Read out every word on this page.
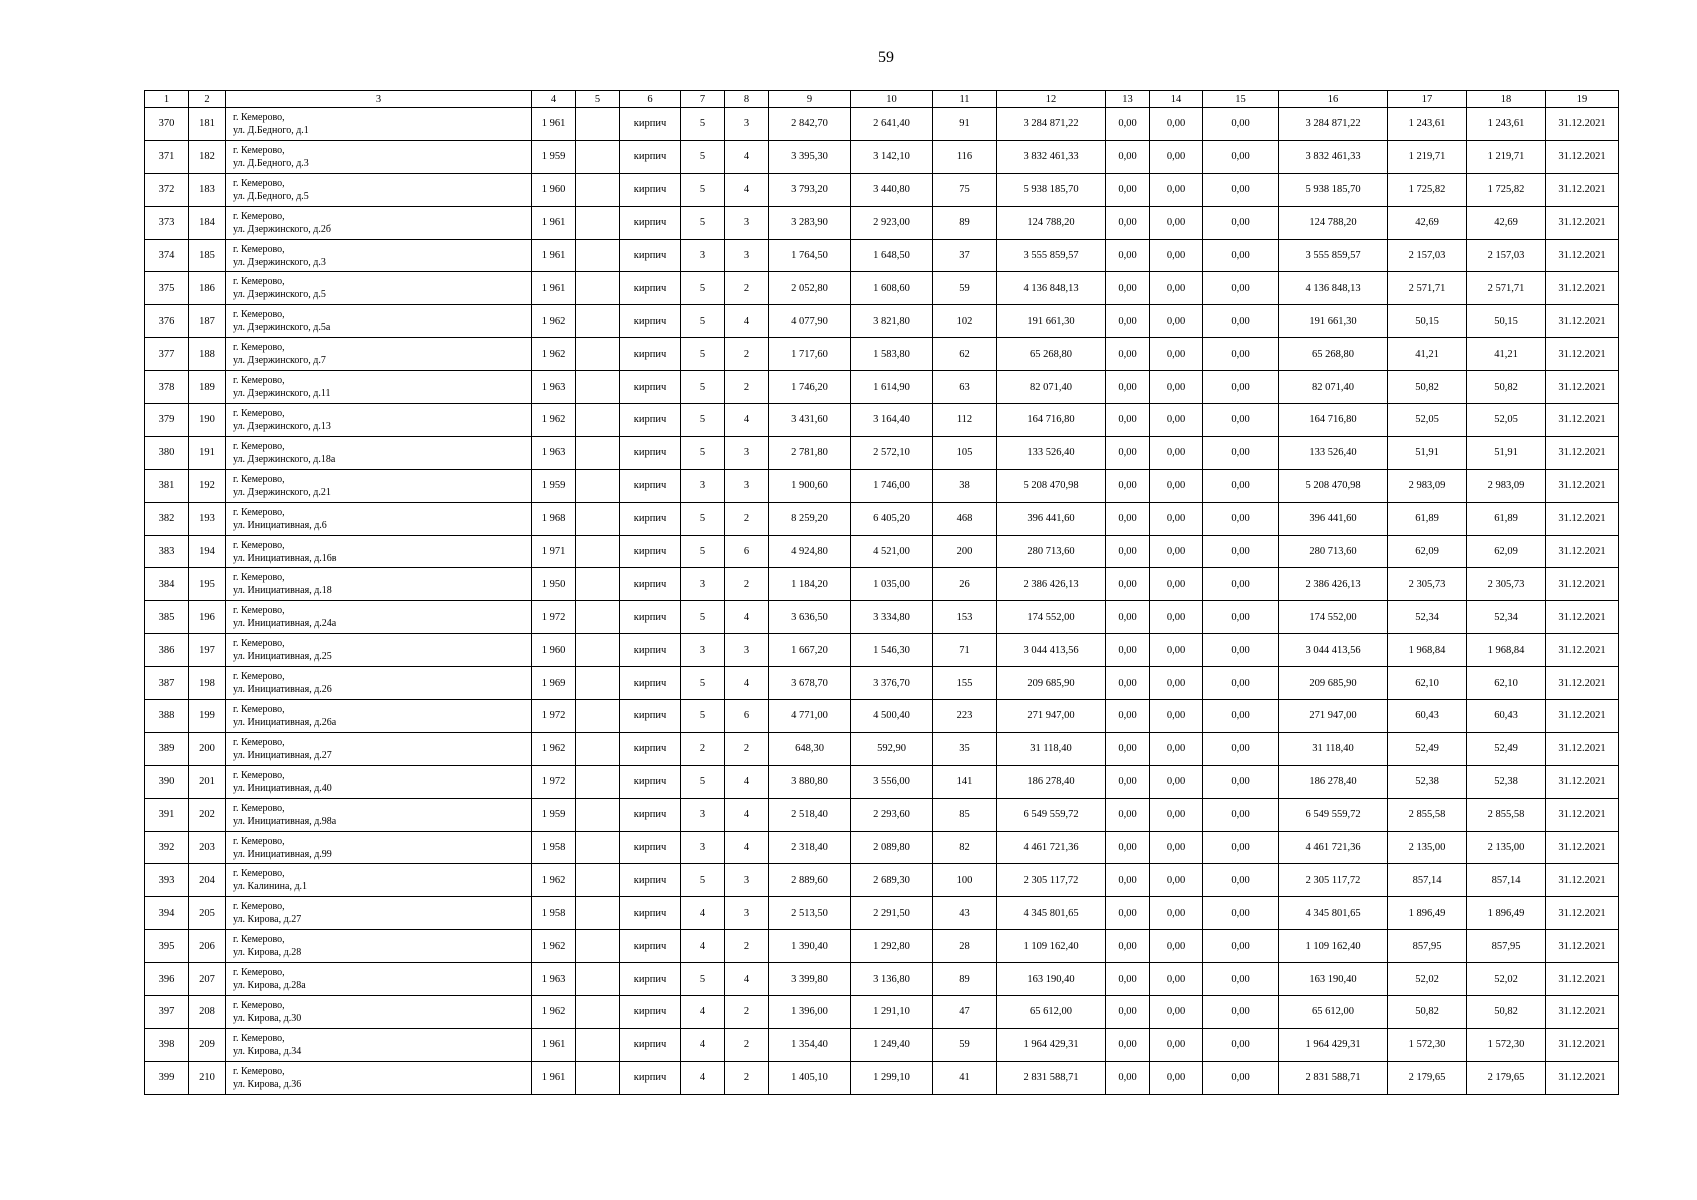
59
1	2	3	4	5	6	7	8	9	10	11	12	13	14	15	16	17	18	19
370	181	г. Кемерово,
ул. Д.Бедного, д.1	1 961		кирпич	5	3	2 842,70	2 641,40	91	3 284 871,22	0,00	0,00	0,00	3 284 871,22	1 243,61	1 243,61	31.12.2021
371	182	г. Кемерово,
ул. Д.Бедного, д.3	1 959		кирпич	5	4	3 395,30	3 142,10	116	3 832 461,33	0,00	0,00	0,00	3 832 461,33	1 219,71	1 219,71	31.12.2021
372	183	г. Кемерово,
ул. Д.Бедного, д.5	1 960		кирпич	5	4	3 793,20	3 440,80	75	5 938 185,70	0,00	0,00	0,00	5 938 185,70	1 725,82	1 725,82	31.12.2021
373	184	г. Кемерово,
ул. Дзержинского, д.2б	1 961		кирпич	5	3	3 283,90	2 923,00	89	124 788,20	0,00	0,00	0,00	124 788,20	42,69	42,69	31.12.2021
374	185	г. Кемерово,
ул. Дзержинского, д.3	1 961		кирпич	3	3	1 764,50	1 648,50	37	3 555 859,57	0,00	0,00	0,00	3 555 859,57	2 157,03	2 157,03	31.12.2021
375	186	г. Кемерово,
ул. Дзержинского, д.5	1 961		кирпич	5	2	2 052,80	1 608,60	59	4 136 848,13	0,00	0,00	0,00	4 136 848,13	2 571,71	2 571,71	31.12.2021
376	187	г. Кемерово,
ул. Дзержинского, д.5а	1 962		кирпич	5	4	4 077,90	3 821,80	102	191 661,30	0,00	0,00	0,00	191 661,30	50,15	50,15	31.12.2021
377	188	г. Кемерово,
ул. Дзержинского, д.7	1 962		кирпич	5	2	1 717,60	1 583,80	62	65 268,80	0,00	0,00	0,00	65 268,80	41,21	41,21	31.12.2021
378	189	г. Кемерово,
ул. Дзержинского, д.11	1 963		кирпич	5	2	1 746,20	1 614,90	63	82 071,40	0,00	0,00	0,00	82 071,40	50,82	50,82	31.12.2021
379	190	г. Кемерово,
ул. Дзержинского, д.13	1 962		кирпич	5	4	3 431,60	3 164,40	112	164 716,80	0,00	0,00	0,00	164 716,80	52,05	52,05	31.12.2021
380	191	г. Кемерово,
ул. Дзержинского, д.18а	1 963		кирпич	5	3	2 781,80	2 572,10	105	133 526,40	0,00	0,00	0,00	133 526,40	51,91	51,91	31.12.2021
381	192	г. Кемерово,
ул. Дзержинского, д.21	1 959		кирпич	3	3	1 900,60	1 746,00	38	5 208 470,98	0,00	0,00	0,00	5 208 470,98	2 983,09	2 983,09	31.12.2021
382	193	г. Кемерово,
ул. Инициативная, д.6	1 968		кирпич	5	2	8 259,20	6 405,20	468	396 441,60	0,00	0,00	0,00	396 441,60	61,89	61,89	31.12.2021
383	194	г. Кемерово,
ул. Инициативная, д.16в	1 971		кирпич	5	6	4 924,80	4 521,00	200	280 713,60	0,00	0,00	0,00	280 713,60	62,09	62,09	31.12.2021
384	195	г. Кемерово,
ул. Инициативная, д.18	1 950		кирпич	3	2	1 184,20	1 035,00	26	2 386 426,13	0,00	0,00	0,00	2 386 426,13	2 305,73	2 305,73	31.12.2021
385	196	г. Кемерово,
ул. Инициативная, д.24а	1 972		кирпич	5	4	3 636,50	3 334,80	153	174 552,00	0,00	0,00	0,00	174 552,00	52,34	52,34	31.12.2021
386	197	г. Кемерово,
ул. Инициативная, д.25	1 960		кирпич	3	3	1 667,20	1 546,30	71	3 044 413,56	0,00	0,00	0,00	3 044 413,56	1 968,84	1 968,84	31.12.2021
387	198	г. Кемерово,
ул. Инициативная, д.26	1 969		кирпич	5	4	3 678,70	3 376,70	155	209 685,90	0,00	0,00	0,00	209 685,90	62,10	62,10	31.12.2021
388	199	г. Кемерово,
ул. Инициативная, д.26а	1 972		кирпич	5	6	4 771,00	4 500,40	223	271 947,00	0,00	0,00	0,00	271 947,00	60,43	60,43	31.12.2021
389	200	г. Кемерово,
ул. Инициативная, д.27	1 962		кирпич	2	2	648,30	592,90	35	31 118,40	0,00	0,00	0,00	31 118,40	52,49	52,49	31.12.2021
390	201	г. Кемерово,
ул. Инициативная, д.40	1 972		кирпич	5	4	3 880,80	3 556,00	141	186 278,40	0,00	0,00	0,00	186 278,40	52,38	52,38	31.12.2021
391	202	г. Кемерово,
ул. Инициативная, д.98а	1 959		кирпич	3	4	2 518,40	2 293,60	85	6 549 559,72	0,00	0,00	0,00	6 549 559,72	2 855,58	2 855,58	31.12.2021
392	203	г. Кемерово,
ул. Инициативная, д.99	1 958		кирпич	3	4	2 318,40	2 089,80	82	4 461 721,36	0,00	0,00	0,00	4 461 721,36	2 135,00	2 135,00	31.12.2021
393	204	г. Кемерово,
ул. Калинина, д.1	1 962		кирпич	5	3	2 889,60	2 689,30	100	2 305 117,72	0,00	0,00	0,00	2 305 117,72	857,14	857,14	31.12.2021
394	205	г. Кемерово,
ул. Кирова, д.27	1 958		кирпич	4	3	2 513,50	2 291,50	43	4 345 801,65	0,00	0,00	0,00	4 345 801,65	1 896,49	1 896,49	31.12.2021
395	206	г. Кемерово,
ул. Кирова, д.28	1 962		кирпич	4	2	1 390,40	1 292,80	28	1 109 162,40	0,00	0,00	0,00	1 109 162,40	857,95	857,95	31.12.2021
396	207	г. Кемерово,
ул. Кирова, д.28а	1 963		кирпич	5	4	3 399,80	3 136,80	89	163 190,40	0,00	0,00	0,00	163 190,40	52,02	52,02	31.12.2021
397	208	г. Кемерово,
ул. Кирова, д.30	1 962		кирпич	4	2	1 396,00	1 291,10	47	65 612,00	0,00	0,00	0,00	65 612,00	50,82	50,82	31.12.2021
398	209	г. Кемерово,
ул. Кирова, д.34	1 961		кирпич	4	2	1 354,40	1 249,40	59	1 964 429,31	0,00	0,00	0,00	1 964 429,31	1 572,30	1 572,30	31.12.2021
399	210	г. Кемерово,
ул. Кирова, д.36	1 961		кирпич	4	2	1 405,10	1 299,10	41	2 831 588,71	0,00	0,00	0,00	2 831 588,71	2 179,65	2 179,65	31.12.2021
